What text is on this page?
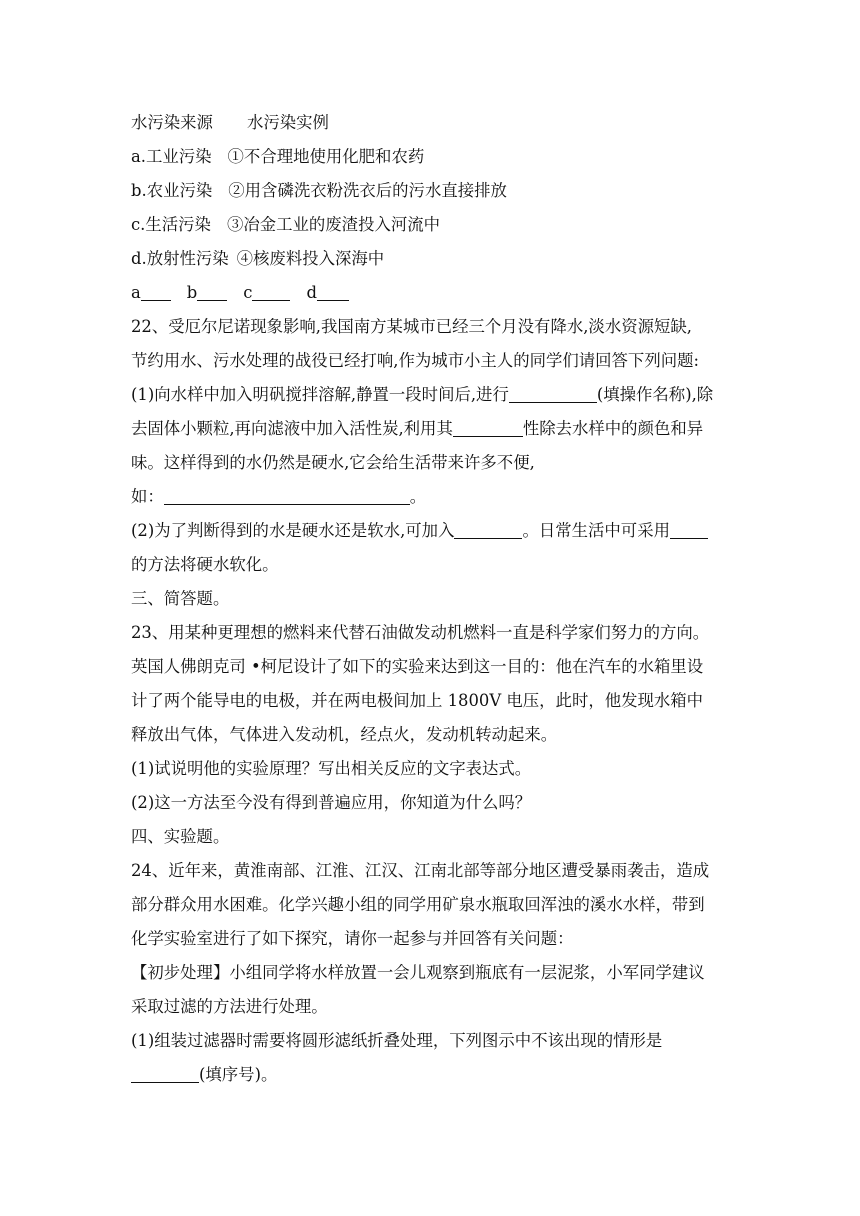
水污染来源 水污染实例
a.工业污染 ①不合理地使用化肥和农药
b.农业污染 ②用含磷洗衣粉洗衣后的污水直接排放
c.生活污染 ③冶金工业的废渣投入河流中
d.放射性污染 ④核废料投入深海中
a	b	c	d
22、受厄尔尼诺现象影响,我国南方某城市已经三个月没有降水,淡水资源短缺,
节约用水、污水处理的战役已经打响,作为城市小主人的同学们请回答下列问题:
(1)向水样中加入明矾搅拌溶解,静置一段时间后,进行	(填操作名称),除
去固体小颗粒,再向滤液中加入活性炭,利用其	性除去水样中的颜色和异
味。这样得到的水仍然是硬水,它会给生活带来许多不便,
如：	。
(2)为了判断得到的水是硬水还是软水,可加入	。日常生活中可采用
的方法将硬水软化。
三、简答题。
23、用某种更理想的燃料来代替石油做发动机燃料一直是科学家们努力的方向。
英国人佛朗克司 •柯尼设计了如下的实验来达到这一目的：他在汽车的水箱里设
计了两个能导电的电极，并在两电极间加上 1800V 电压，此时，他发现水箱中
释放出气体，气体进入发动机，经点火，发动机转动起来。
(1)试说明他的实验原理？写出相关反应的文字表达式。
(2)这一方法至今没有得到普遍应用，你知道为什么吗？
四、实验题。
24、近年来，黄淮南部、江淮、江汉、江南北部等部分地区遭受暴雨袭击，造成
部分群众用水困难。化学兴趣小组的同学用矿泉水瓶取回浑浊的溪水水样，带到
化学实验室进行了如下探究，请你一起参与并回答有关问题：
【初步处理】小组同学将水样放置一会儿观察到瓶底有一层泥浆，小军同学建议
采取过滤的方法进行处理。
(1)组装过滤器时需要将圆形滤纸折叠处理，下列图示中不该出现的情形是
(填序号)。
